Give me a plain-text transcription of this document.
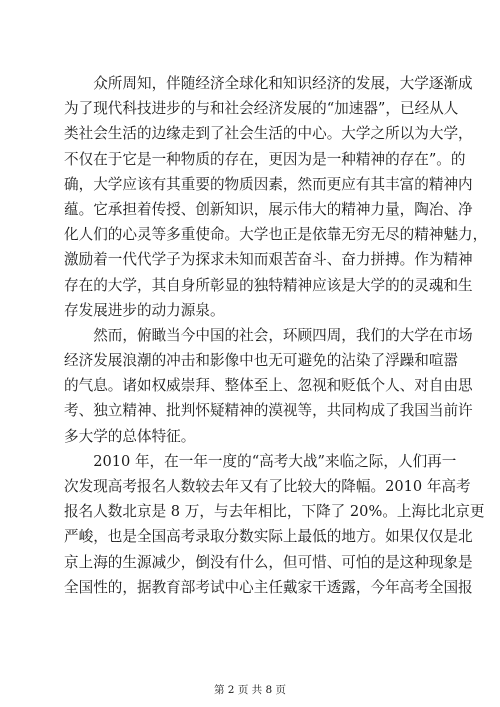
　　众所周知，伴随经济全球化和知识经济的发展，大学逐渐成
为了现代科技进步的与和社会经济发展的“加速器”，已经从人
类社会生活的边缘走到了社会生活的中心。大学之所以为大学，
不仅在于它是一种物质的存在，更因为是一种精神的存在”。的
确，大学应该有其重要的物质因素，然而更应有其丰富的精神内
蕴。它承担着传授、创新知识，展示伟大的精神力量，陶冶、净
化人们的心灵等多重使命。大学也正是依靠无穷无尽的精神魅力，
激励着一代代学子为探求未知而艰苦奋斗、奋力拼搏。作为精神
存在的大学，其自身所彰显的独特精神应该是大学的的灵魂和生
存发展进步的动力源泉。
　　然而，俯瞰当今中国的社会，环顾四周，我们的大学在市场
经济发展浪潮的冲击和影像中也无可避免的沾染了浮躁和喧嚣
的气息。诸如权威崇拜、整体至上、忽视和贬低个人、对自由思
考、独立精神、批判怀疑精神的漠视等，共同构成了我国当前许
多大学的总体特征。
　　2010 年，在一年一度的“高考大战”来临之际，人们再一
次发现高考报名人数较去年又有了比较大的降幅。2010 年高考
报名人数北京是 8 万，与去年相比，下降了 20%。上海比北京更
严峻，也是全国高考录取分数实际上最低的地方。如果仅仅是北
京上海的生源减少，倒没有什么，但可惜、可怕的是这种现象是
全国性的，据教育部考试中心主任戴家干透露，今年高考全国报
第 2 页 共 8 页
